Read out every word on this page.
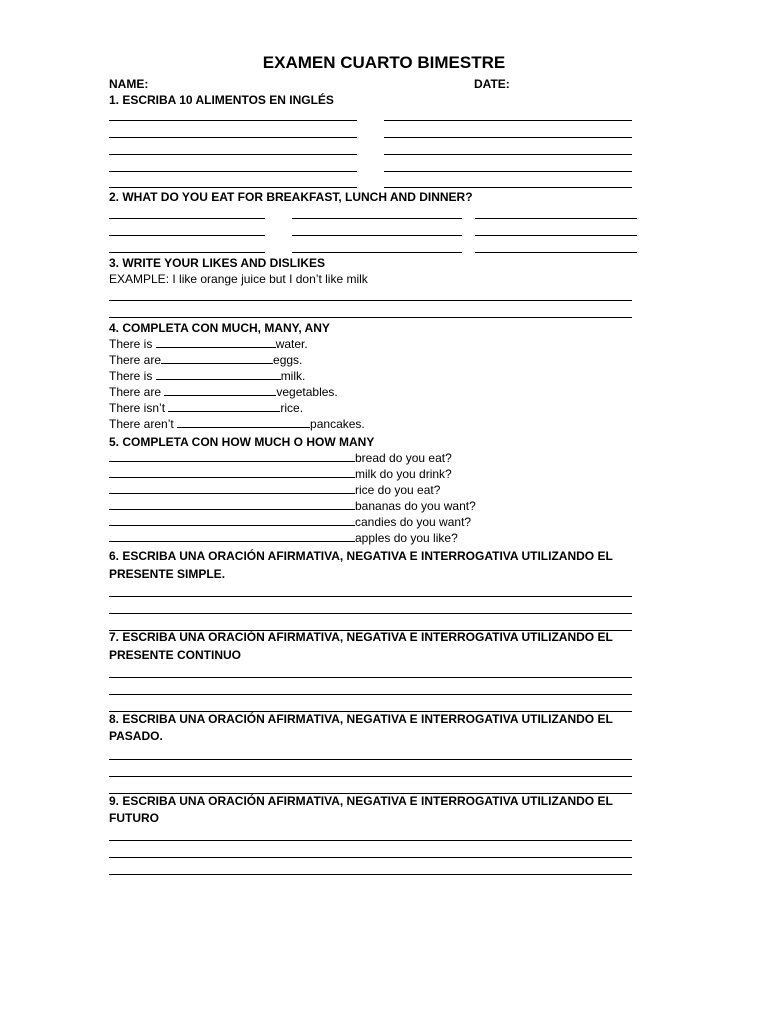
EXAMEN CUARTO BIMESTRE
NAME:	DATE:
1. ESCRIBA 10 ALIMENTOS EN INGLÉS
2. WHAT DO YOU EAT FOR BREAKFAST, LUNCH AND DINNER?
3. WRITE YOUR LIKES AND DISLIKES
EXAMPLE: I like orange juice but I don’t like milk
4. COMPLETA CON MUCH, MANY, ANY
There is	water.
There are	eggs.
There is	milk.
There are	vegetables.
There isn’t	rice.
There aren’t	pancakes.
5. COMPLETA CON HOW MUCH O HOW MANY
bread do you eat?
milk do you drink?
rice do you eat?
bananas do you want?
candies do you want?
apples do you like?
6. ESCRIBA UNA ORACIÓN AFIRMATIVA, NEGATIVA E INTERROGATIVA UTILIZANDO EL
PRESENTE SIMPLE.
7. ESCRIBA UNA ORACIÓN AFIRMATIVA, NEGATIVA E INTERROGATIVA UTILIZANDO EL
PRESENTE CONTINUO
8. ESCRIBA UNA ORACIÓN AFIRMATIVA, NEGATIVA E INTERROGATIVA UTILIZANDO EL
PASADO.
9. ESCRIBA UNA ORACIÓN AFIRMATIVA, NEGATIVA E INTERROGATIVA UTILIZANDO EL
FUTURO
